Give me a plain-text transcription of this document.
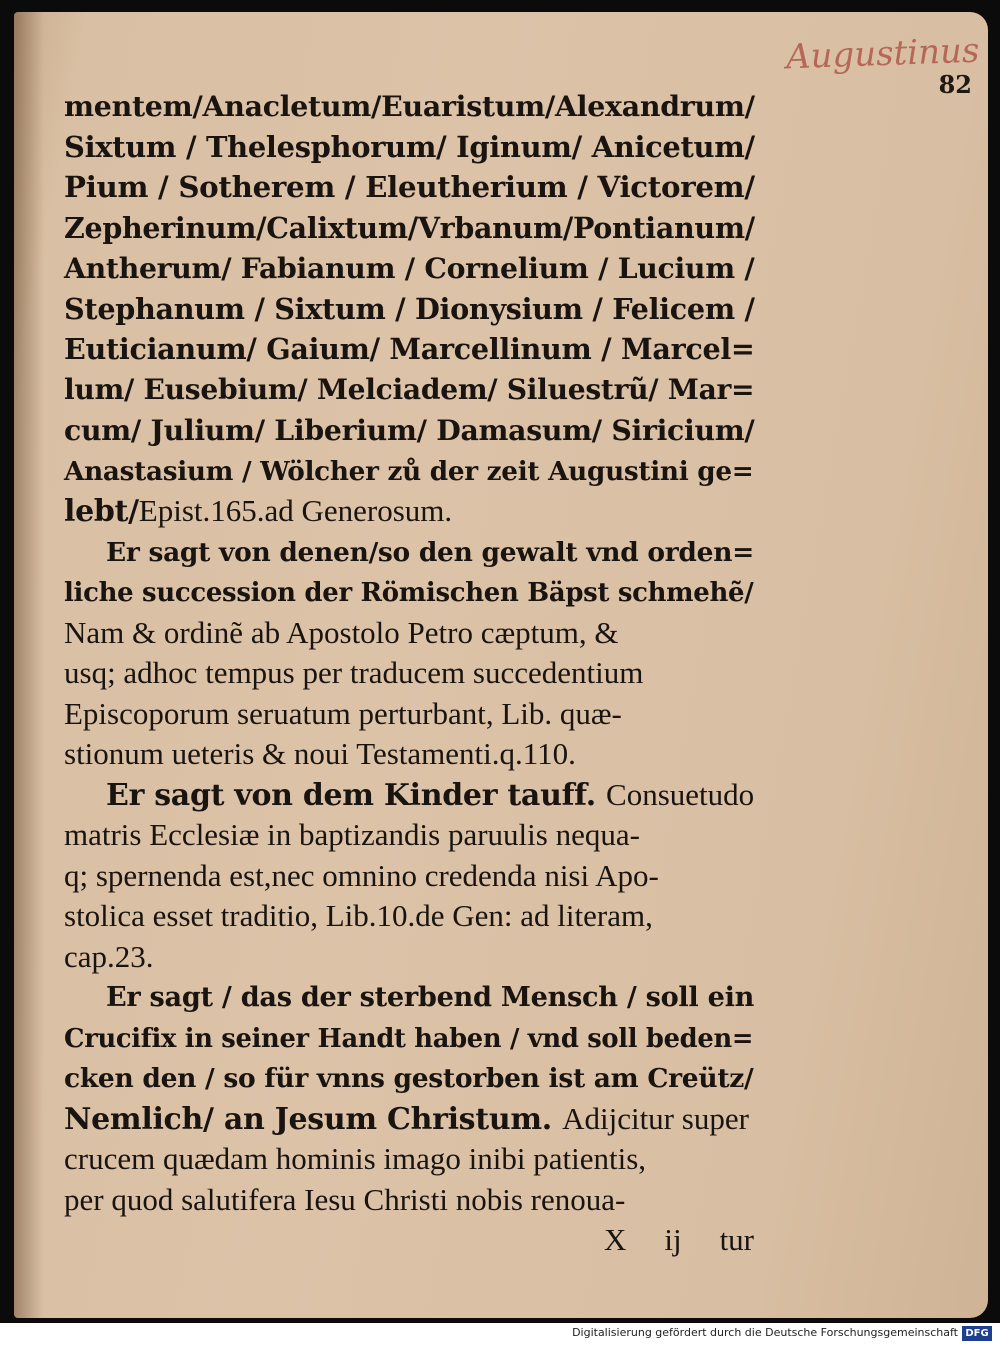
Augustinus
82
mentem/Anacletum/Euaristum/Alexandrum/
Sixtum / Thelesphorum/ Iginum/ Anicetum/
Pium / Sotherem / Eleutherium / Victorem/
Zepherinum/Calixtum/Vrbanum/Pontianum/
Antherum/ Fabianum / Cornelium / Lucium /
Stephanum / Sixtum / Dionysium / Felicem /
Euticianum/ Gaium/ Marcellinum / Marcel=
lum/ Eusebium/ Melciadem/ Siluestrũ/ Mar=
cum/ Julium/ Liberium/ Damasum/ Siricium/
Anastasium / Wölcher zů der zeit Augustini ge=
lebt/Epist.165.ad Generosum.
Er sagt von denen/so den gewalt vnd orden=
liche succession der Römischen Bäpst schmehẽ/
Nam & ordinẽ ab Apostolo Petro cæptum, &
usq; adhoc tempus per traducem succedentium
Episcoporum seruatum perturbant, Lib. quæ-
stionum ueteris & noui Testamenti.q.110.
Er sagt von dem Kinder tauff. Consuetudo
matris Ecclesiæ in baptizandis paruulis nequa-
q; spernenda est,nec omnino credenda nisi Apo-
stolica esset traditio, Lib.10.de Gen: ad literam,
cap.23.
Er sagt / das der sterbend Mensch / soll ein
Crucifix in seiner Handt haben / vnd soll beden=
cken den / so für vnns gestorben ist am Creütz/
Nemlich/ an Jesum Christum. Adijcitur super
crucem quædam hominis imago inibi patientis,
per quod salutifera Iesu Christi nobis renoua-
X ij tur
Digitalisierung gefördert durch die Deutsche Forschungsgemeinschaft DFG
